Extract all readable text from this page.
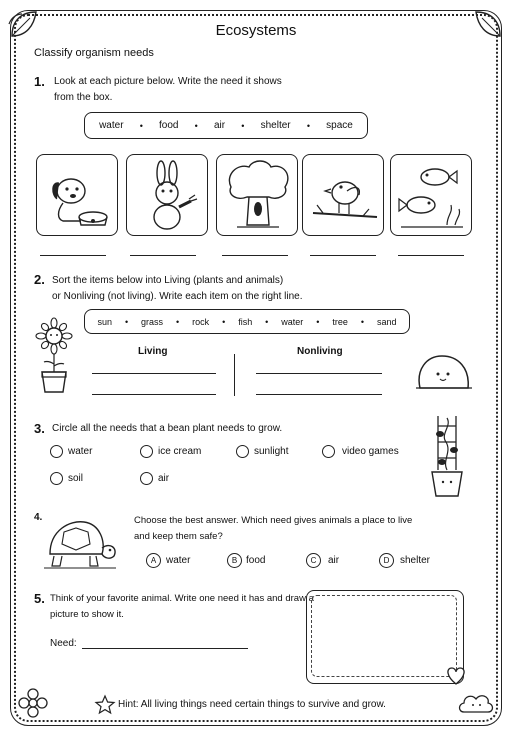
Ecosystems
Classify organism needs
1. Look at each picture below. Write the need it shows
from the box.
water • food • air • shelter • space
2. Sort the items below into Living (plants and animals)
or Nonliving (not living). Write each item on the right line.
sun • grass • rock • fish • water • tree • sand
Living	Nonliving
3. Circle all the needs that a bean plant needs to grow.
water	ice cream	sunlight	video games
soil	air
4.	Choose the best answer. Which need gives animals a place to live
and keep them safe?
A water	B food	C	air	D	shelter
5. Think of your favorite animal. Write one need it has and draw a
picture to show it.
Need:
Hint: All living things need certain things to survive and grow.
